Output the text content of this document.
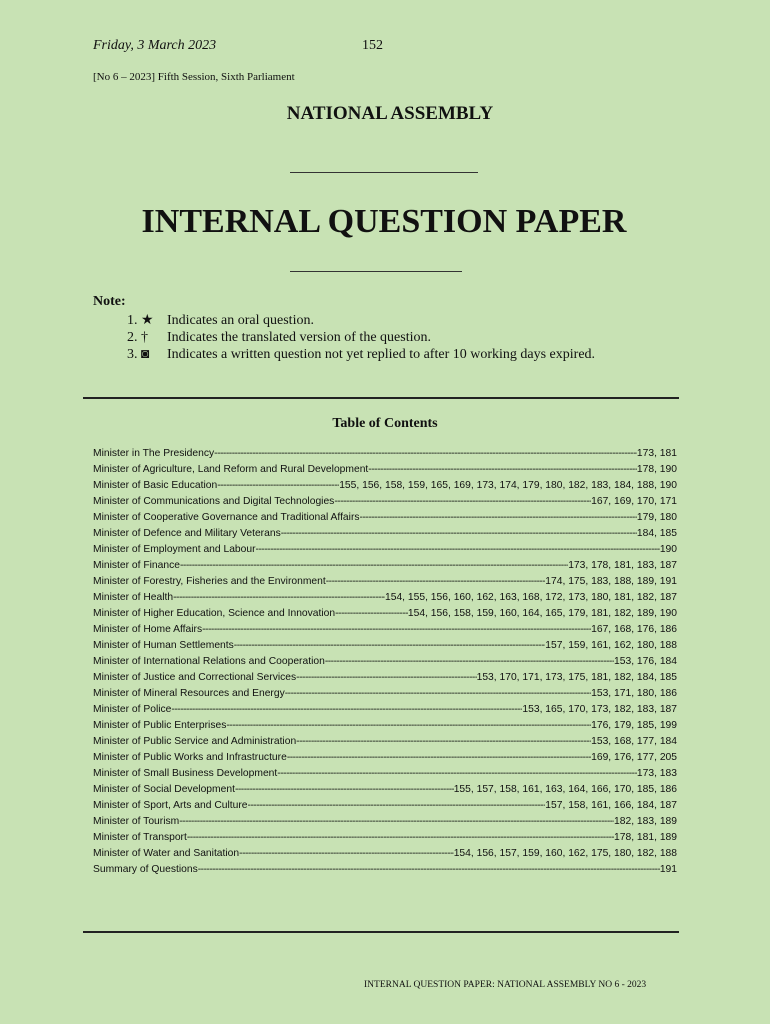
Friday, 3 March 2023	152
[No 6 – 2023] Fifth Session, Sixth Parliament
NATIONAL ASSEMBLY
INTERNAL QUESTION PAPER
Note:
1. ★ Indicates an oral question.
2. † Indicates the translated version of the question.
3. ◙ Indicates a written question not yet replied to after 10 working days expired.
Table of Contents
Minister in The Presidency -----	173, 181
Minister of Agriculture, Land Reform and Rural Development -----	178, 190
Minister of Basic Education -----	155, 156, 158, 159, 165, 169, 173, 174, 179, 180, 182, 183, 184, 188, 190
Minister of Communications and Digital Technologies -----	167, 169, 170, 171
Minister of Cooperative Governance and Traditional Affairs -----	179, 180
Minister of Defence and Military Veterans -----	184, 185
Minister of Employment and Labour -----	190
Minister of Finance -----	173, 178, 181, 183, 187
Minister of Forestry, Fisheries and the Environment -----	174, 175, 183, 188, 189, 191
Minister of Health -----	154, 155, 156, 160, 162, 163, 168, 172, 173, 180, 181, 182, 187
Minister of Higher Education, Science and Innovation -----	154, 156, 158, 159, 160, 164, 165, 179, 181, 182, 189, 190
Minister of Home Affairs -----	167, 168, 176, 186
Minister of Human Settlements -----	157, 159, 161, 162, 180, 188
Minister of International Relations and Cooperation -----	153, 176, 184
Minister of Justice and Correctional Services -----	153, 170, 171, 173, 175, 181, 182, 184, 185
Minister of Mineral Resources and Energy -----	153, 171, 180, 186
Minister of Police -----	153, 165, 170, 173, 182, 183, 187
Minister of Public Enterprises -----	176, 179, 185, 199
Minister of Public Service and Administration -----	153, 168, 177, 184
Minister of Public Works and Infrastructure -----	169, 176, 177, 205
Minister of Small Business Development -----	173, 183
Minister of Social Development -----	155, 157, 158, 161, 163, 164, 166, 170, 185, 186
Minister of Sport, Arts and Culture -----	157, 158, 161, 166, 184, 187
Minister of Tourism -----	182, 183, 189
Minister of Transport -----	178, 181, 189
Minister of Water and Sanitation -----	154, 156, 157, 159, 160, 162, 175, 180, 182, 188
Summary of Questions -----	191
INTERNAL QUESTION PAPER: NATIONAL ASSEMBLY NO 6 - 2023
